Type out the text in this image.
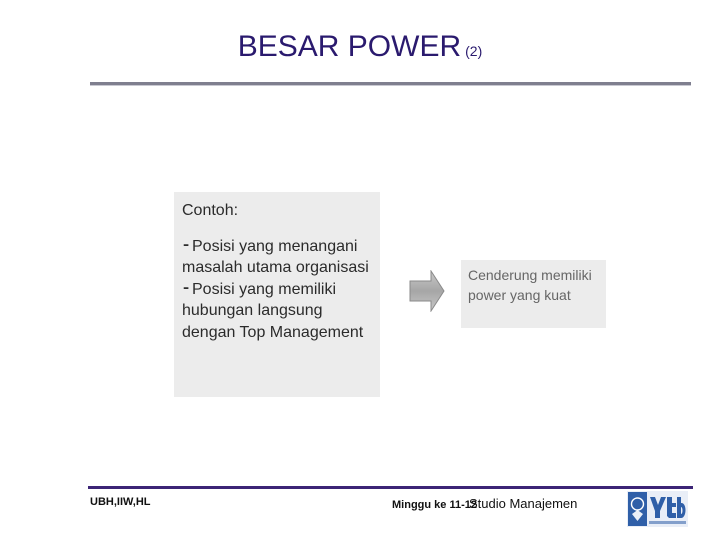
BESAR POWER (2)
Contoh:
⁃ Posisi yang menangani masalah utama organisasi
⁃ Posisi yang memiliki hubungan langsung dengan Top Management
Cenderung memiliki power yang kuat
UBH,IIW,HL	Minggu ke 11-12Studio Manajemen
